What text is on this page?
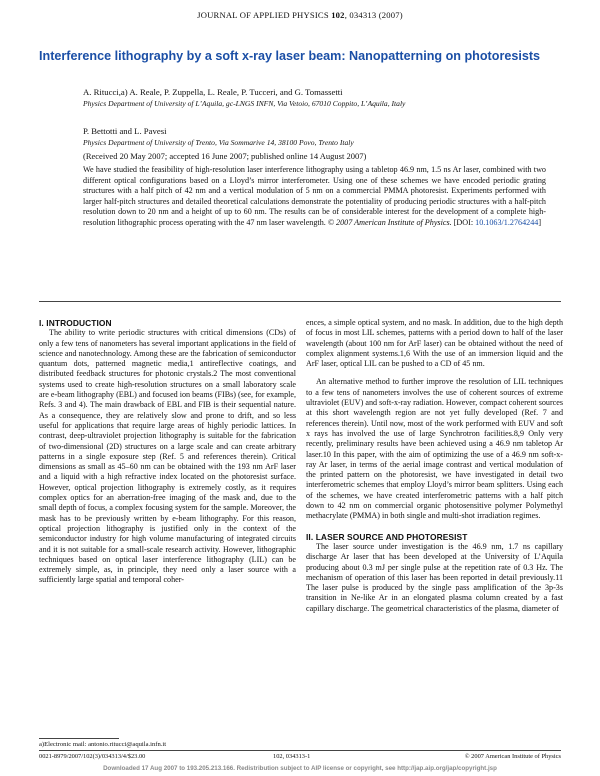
JOURNAL OF APPLIED PHYSICS 102, 034313 (2007)
Interference lithography by a soft x-ray laser beam: Nanopatterning on photoresists
A. Ritucci,a) A. Reale, P. Zuppella, L. Reale, P. Tucceri, and G. Tomassetti
Physics Department of University of L’Aquila, gc-LNGS INFN, Via Vetoio, 67010 Coppito, L’Aquila, Italy
P. Bettotti and L. Pavesi
Physics Department of University of Trento, Via Sommarive 14, 38100 Povo, Trento Italy
(Received 20 May 2007; accepted 16 June 2007; published online 14 August 2007)
We have studied the feasibility of high-resolution laser interference lithography using a tabletop 46.9 nm, 1.5 ns Ar laser, combined with two different optical configurations based on a Lloyd’s mirror interferometer. Using one of these schemes we have encoded periodic grating structures with a half pitch of 42 nm and a vertical modulation of 5 nm on a commercial PMMA photoresist. Experiments performed with larger half-pitch structures and detailed theoretical calculations demonstrate the potentiality of producing periodic structures with a half-pitch resolution down to 20 nm and a height of up to 60 nm. The results can be of considerable interest for the development of a complete high-resolution lithographic process operating with the 47 nm laser wavelength. © 2007 American Institute of Physics. [DOI: 10.1063/1.2764244]

I. INTRODUCTION

The ability to write periodic structures with critical dimensions (CDs) of only a few tens of nanometers has several important applications in the field of science and nanotechnology. Among these are the fabrication of semiconductor quantum dots, patterned magnetic media,1 antireflective coatings, and distributed feedback structures for photonic crystals.2 The most conventional systems used to create high-resolution structures on a small laboratory scale are e-beam lithography (EBL) and focused ion beams (FIBs) (see, for example, Refs. 3 and 4). The main drawback of EBL and FIB is their sequential nature. As a consequence, they are relatively slow and prone to drift, and so less useful for applications that require large areas of highly periodic lattices. In contrast, deep-ultraviolet projection lithography is suitable for the fabrication of two-dimensional (2D) structures on a large scale and can create arbitrary patterns in a single exposure step (Ref. 5 and references therein). Critical dimensions as small as 45–60 nm can be obtained with the 193 nm ArF laser and a liquid with a high refractive index located on the photoresist surface. However, optical projection lithography is extremely costly, as it requires complex optics for an aberration-free imaging of the mask and, due to the small depth of focus, a complex focusing system for the sample. Moreover, the mask has to be previously written by e-beam lithography. For this reason, optical projection lithography is justified only in the context of the semiconductor industry for high volume manufacturing of integrated circuits and it is not suitable for a small-scale research activity. However, lithographic techniques based on optical laser interference lithography (LIL) can be extremely simple, as, in principle, they need only a laser source with a sufficiently large spatial and temporal coher-

ences, a simple optical system, and no mask. In addition, due to the high depth of focus in most LIL schemes, patterns with a period down to half of the laser wavelength (about 100 nm for ArF laser) can be obtained without the need of complex alignment systems.1,6 With the use of an immersion liquid and the ArF laser, optical LIL can be pushed to a CD of 45 nm.

An alternative method to further improve the resolution of LIL techniques to a few tens of nanometers involves the use of coherent sources of extreme ultraviolet (EUV) and soft-x-ray radiation. However, compact coherent sources at this short wavelength region are not yet fully developed (Ref. 7 and references therein). Until now, most of the work performed with EUV and soft x rays has involved the use of large Synchrotron facilities.8,9 Only very recently, preliminary results have been achieved using a 46.9 nm tabletop Ar laser.10 In this paper, with the aim of optimizing the use of a 46.9 nm soft-x-ray Ar laser, in terms of the aerial image contrast and vertical modulation of the printed pattern on the photoresist, we have investigated in detail two interferometric schemes that employ Lloyd’s mirror beam splitters. Using each of the schemes, we have created interferometric patterns with a half pitch down to 42 nm on commercial organic photosensitive polymer Polymethyl methacrylate (PMMA) in both single and multi-shot irradiation regimes.

II. LASER SOURCE AND PHOTORESIST

The laser source under investigation is the 46.9 nm, 1.7 ns capillary discharge Ar laser that has been developed at the University of L’Aquila producing about 0.3 mJ per single pulse at the repetition rate of 0.3 Hz. The mechanism of operation of this laser has been reported in detail previously.11 The laser pulse is produced by the single pass amplification of the 3p-3s transition in Ne-like Ar in an elongated plasma column created by a fast capillary discharge. The geometrical characteristics of the plasma, diameter of

a)Electronic mail: antonio.ritucci@aquila.infn.it
0021-8979/2007/102(3)/034313/4/$23.00	102, 034313-1	© 2007 American Institute of Physics
Downloaded 17 Aug 2007 to 193.205.213.166. Redistribution subject to AIP license or copyright, see http://jap.aip.org/jap/copyright.jsp
